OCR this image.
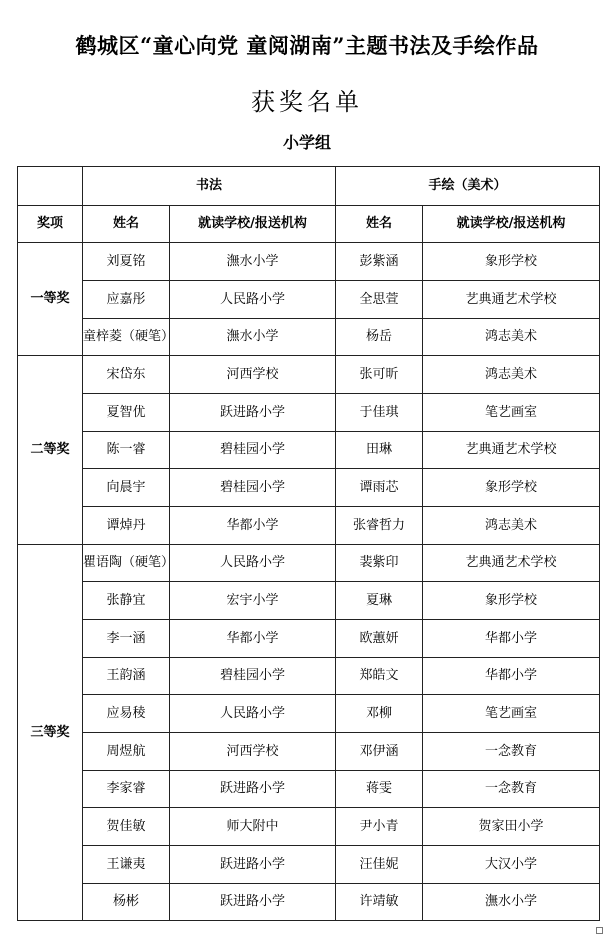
鹤城区“童心向党 童阅湖南”主题书法及手绘作品
获奖名单
小学组
	书法		手绘（美术）	
奖项	姓名	就读学校/报送机构	姓名	就读学校/报送机构
一等奖	刘夏铭	潕水小学	彭紫涵	象形学校
	应嘉彤	人民路小学	全思萱	艺典通艺术学校
	童梓菱（硬笔）	潕水小学	杨岳	鸿志美术
二等奖	宋岱东	河西学校	张可昕	鸿志美术
	夏智优	跃进路小学	于佳琪	笔艺画室
	陈一睿	碧桂园小学	田琳	艺典通艺术学校
	向晨宇	碧桂园小学	谭雨芯	象形学校
	谭焯丹	华都小学	张睿哲力	鸿志美术
三等奖	瞿语陶（硬笔）	人民路小学	裴紫印	艺典通艺术学校
	张静宜	宏宇小学	夏琳	象形学校
	李一涵	华都小学	欧蕙妍	华都小学
	王韵涵	碧桂园小学	郑皓文	华都小学
	应易稜	人民路小学	邓柳	笔艺画室
	周煜航	河西学校	邓伊涵	一念教育
	李家睿	跃进路小学	蒋雯	一念教育
	贺佳敏	师大附中	尹小青	贺家田小学
	王谦夷	跃进路小学	汪佳妮	大汉小学
	杨彬	跃进路小学	许靖敏	潕水小学
